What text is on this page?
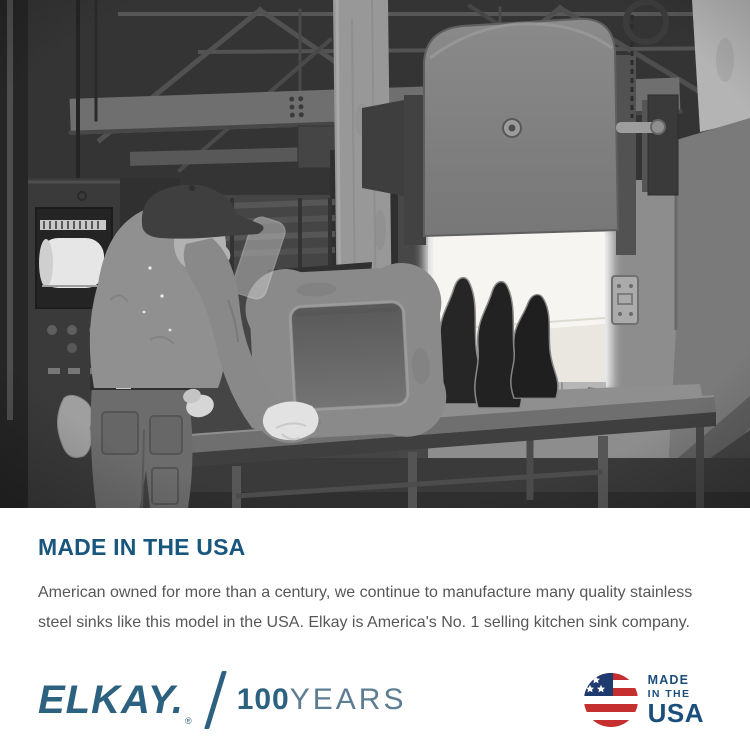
MADE IN THE USA

American owned for more than a century, we continue to manufacture many quality stainless steel sinks like this model in the USA. Elkay is America's No. 1 selling kitchen sink company.

ELKAY. ®
100 YEARS
MADE
IN THE
USA
